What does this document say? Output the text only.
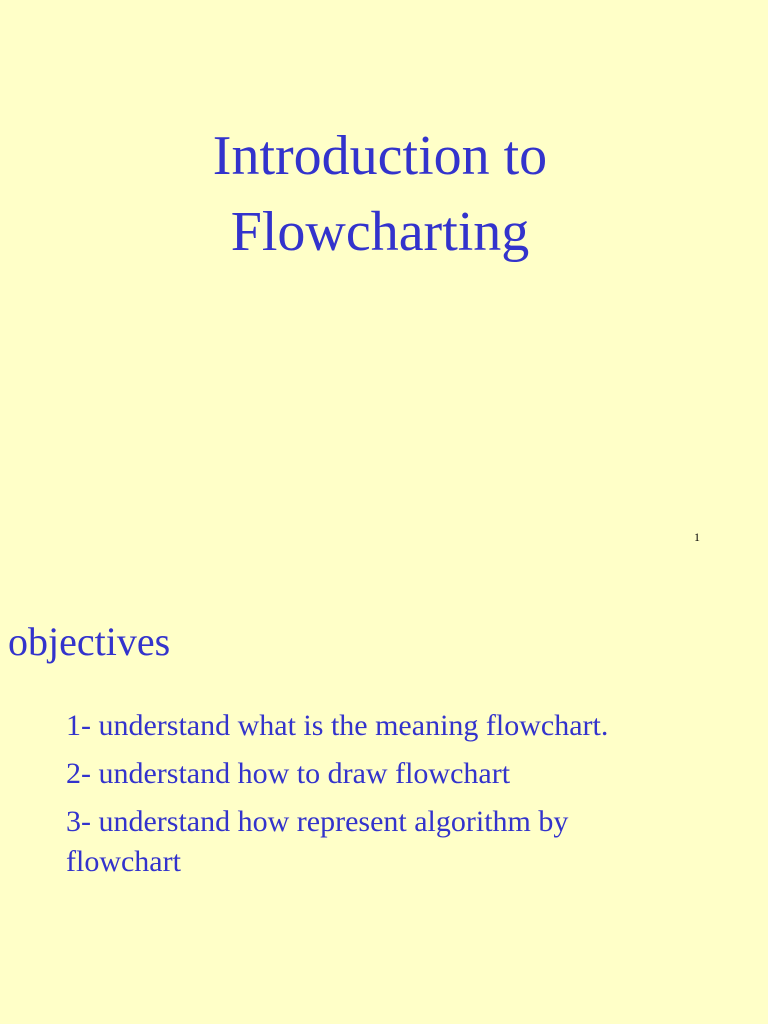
Introduction to
Flowcharting
1
objectives
1- understand what is the meaning flowchart.
2- understand how to draw flowchart
3- understand how represent algorithm by flowchart
